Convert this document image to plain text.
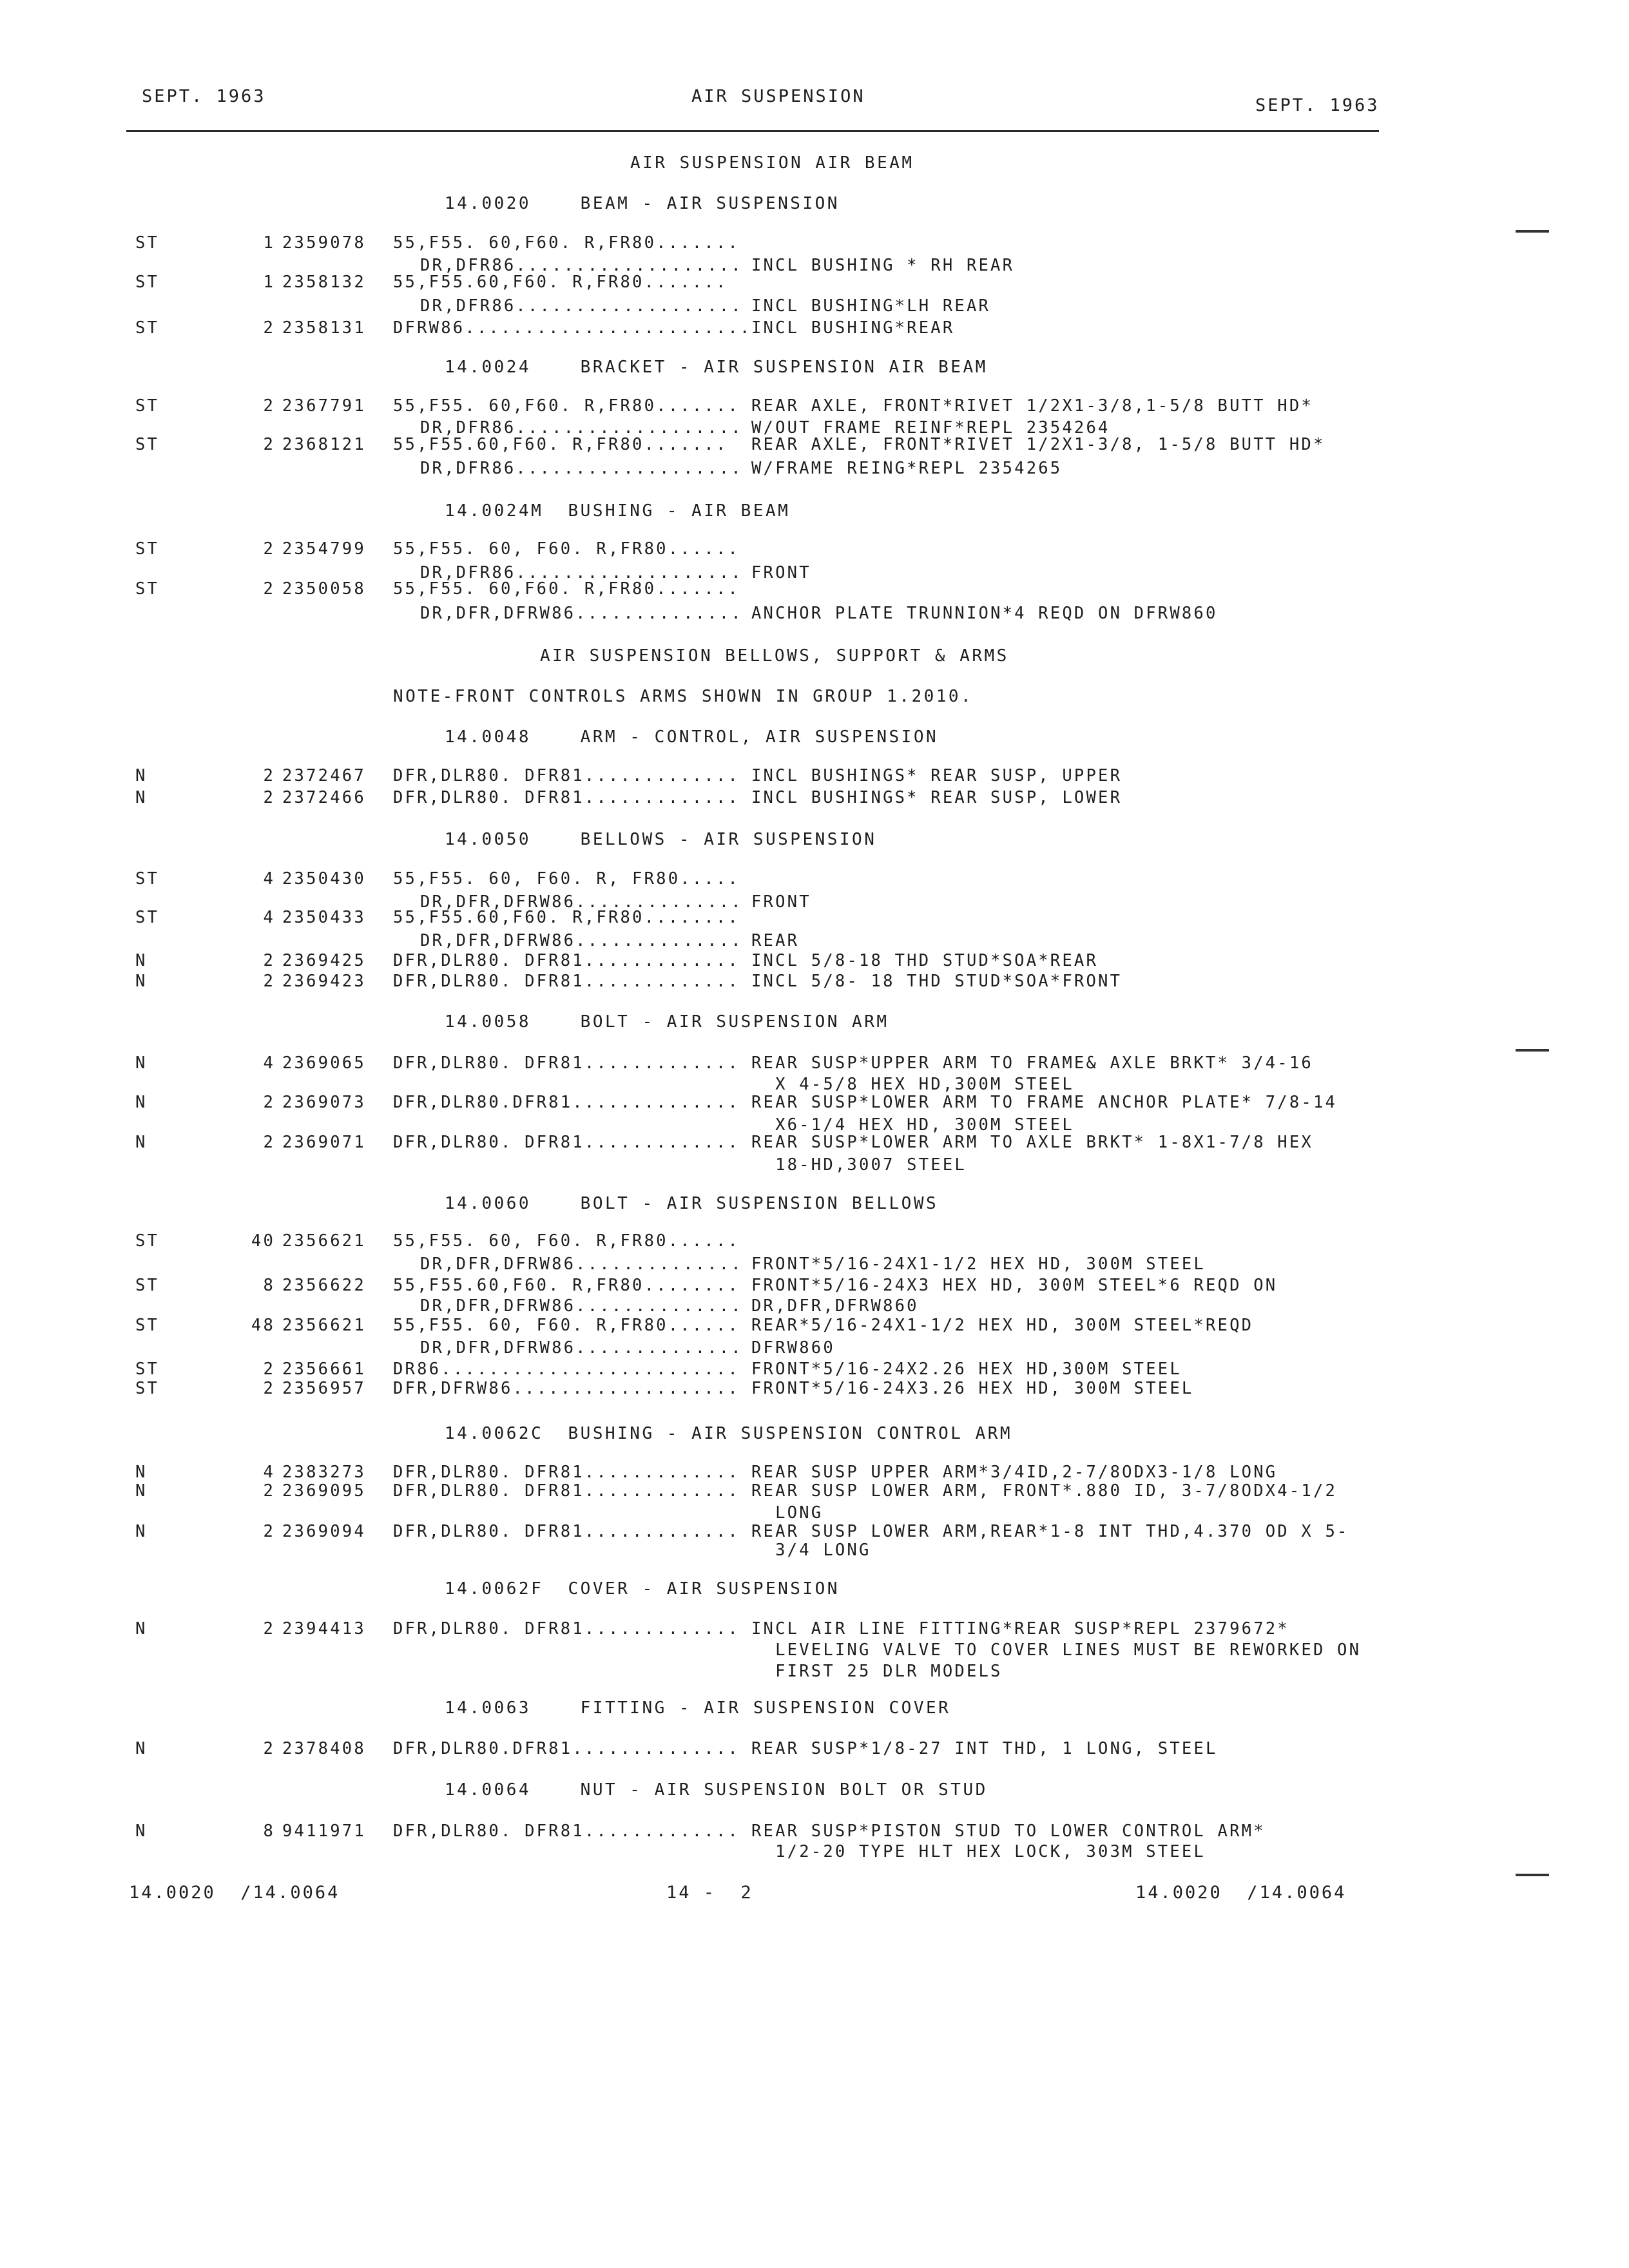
SEPT. 1963	AIR SUSPENSION	SEPT. 1963
AIR SUSPENSION AIR BEAM
14.0020    BEAM - AIR SUSPENSION
ST	1 2359078 55,F55. 60,F60. R,FR80.......
DR,DFR86................... INCL BUSHING * RH REAR
ST	1 2358132 55,F55.60,F60. R,FR80.......
DR,DFR86................... INCL BUSHING*LH REAR
ST	2 2358131 DFRW86........................ INCL BUSHING*REAR
14.0024    BRACKET - AIR SUSPENSION AIR BEAM
ST	2 2367791 55,F55. 60,F60. R,FR80....... REAR AXLE, FRONT*RIVET 1/2X1-3/8,1-5/8 BUTT HD*
DR,DFR86................... W/OUT FRAME REINF*REPL 2354264
ST	2 2368121 55,F55.60,F60. R,FR80....... REAR AXLE, FRONT*RIVET 1/2X1-3/8, 1-5/8 BUTT HD*
DR,DFR86................... W/FRAME REING*REPL 2354265
14.0024M  BUSHING - AIR BEAM
ST	2 2354799 55,F55. 60, F60. R,FR80......
DR,DFR86................... FRONT
ST	2 2350058 55,F55. 60,F60. R,FR80.......
DR,DFR,DFRW86.............. ANCHOR PLATE TRUNNION*4 REQD ON DFRW860
AIR SUSPENSION BELLOWS, SUPPORT & ARMS
NOTE-FRONT CONTROLS ARMS SHOWN IN GROUP 1.2010.
14.0048    ARM - CONTROL, AIR SUSPENSION
N	2 2372467 DFR,DLR80. DFR81............. INCL BUSHINGS* REAR SUSP, UPPER
N	2 2372466 DFR,DLR80. DFR81............. INCL BUSHINGS* REAR SUSP, LOWER
14.0050    BELLOWS - AIR SUSPENSION
ST	4 2350430 55,F55. 60, F60. R, FR80.....
DR,DFR,DFRW86.............. FRONT
ST	4 2350433 55,F55.60,F60. R,FR80........
DR,DFR,DFRW86.............. REAR
N	2 2369425 DFR,DLR80. DFR81............. INCL 5/8-18 THD STUD*SOA*REAR
N	2 2369423 DFR,DLR80. DFR81............. INCL 5/8- 18 THD STUD*SOA*FRONT
14.0058    BOLT - AIR SUSPENSION ARM
N	4 2369065 DFR,DLR80. DFR81............. REAR SUSP*UPPER ARM TO FRAME& AXLE BRKT* 3/4-16
X 4-5/8 HEX HD,300M STEEL
N	2 2369073 DFR,DLR80.DFR81.............. REAR SUSP*LOWER ARM TO FRAME ANCHOR PLATE* 7/8-14
X6-1/4 HEX HD, 300M STEEL
N	2 2369071 DFR,DLR80. DFR81............. REAR SUSP*LOWER ARM TO AXLE BRKT* 1-8X1-7/8 HEX
18-HD,3007 STEEL
14.0060    BOLT - AIR SUSPENSION BELLOWS
ST	40 2356621 55,F55. 60, F60. R,FR80......
DR,DFR,DFRW86.............. FRONT*5/16-24X1-1/2 HEX HD, 300M STEEL
ST	8 2356622 55,F55.60,F60. R,FR80........ FRONT*5/16-24X3 HEX HD, 300M STEEL*6 REQD ON
DR,DFR,DFRW86.............. DR,DFR,DFRW860
ST	48 2356621 55,F55. 60, F60. R,FR80...... REAR*5/16-24X1-1/2 HEX HD, 300M STEEL*REQD
DR,DFR,DFRW86.............. DFRW860
ST	2 2356661 DR86......................... FRONT*5/16-24X2.26 HEX HD,300M STEEL
ST	2 2356957 DFR,DFRW86................... FRONT*5/16-24X3.26 HEX HD, 300M STEEL
14.0062C  BUSHING - AIR SUSPENSION CONTROL ARM
N	4 2383273 DFR,DLR80. DFR81............. REAR SUSP UPPER ARM*3/4ID,2-7/8ODX3-1/8 LONG
N	2 2369095 DFR,DLR80. DFR81............. REAR SUSP LOWER ARM, FRONT*.880 ID, 3-7/8ODX4-1/2
LONG
N	2 2369094 DFR,DLR80. DFR81............. REAR SUSP LOWER ARM,REAR*1-8 INT THD,4.370 OD X 5-
3/4 LONG
14.0062F  COVER - AIR SUSPENSION
N	2 2394413 DFR,DLR80. DFR81............. INCL AIR LINE FITTING*REAR SUSP*REPL 2379672*
LEVELING VALVE TO COVER LINES MUST BE REWORKED ON
FIRST 25 DLR MODELS
14.0063    FITTING - AIR SUSPENSION COVER
N	2 2378408 DFR,DLR80.DFR81.............. REAR SUSP*1/8-27 INT THD, 1 LONG, STEEL
14.0064    NUT - AIR SUSPENSION BOLT OR STUD
N	8 9411971 DFR,DLR80. DFR81............. REAR SUSP*PISTON STUD TO LOWER CONTROL ARM*
1/2-20 TYPE HLT HEX LOCK, 303M STEEL
14.0020  /14.0064	14 -  2	14.0020  /14.0064
